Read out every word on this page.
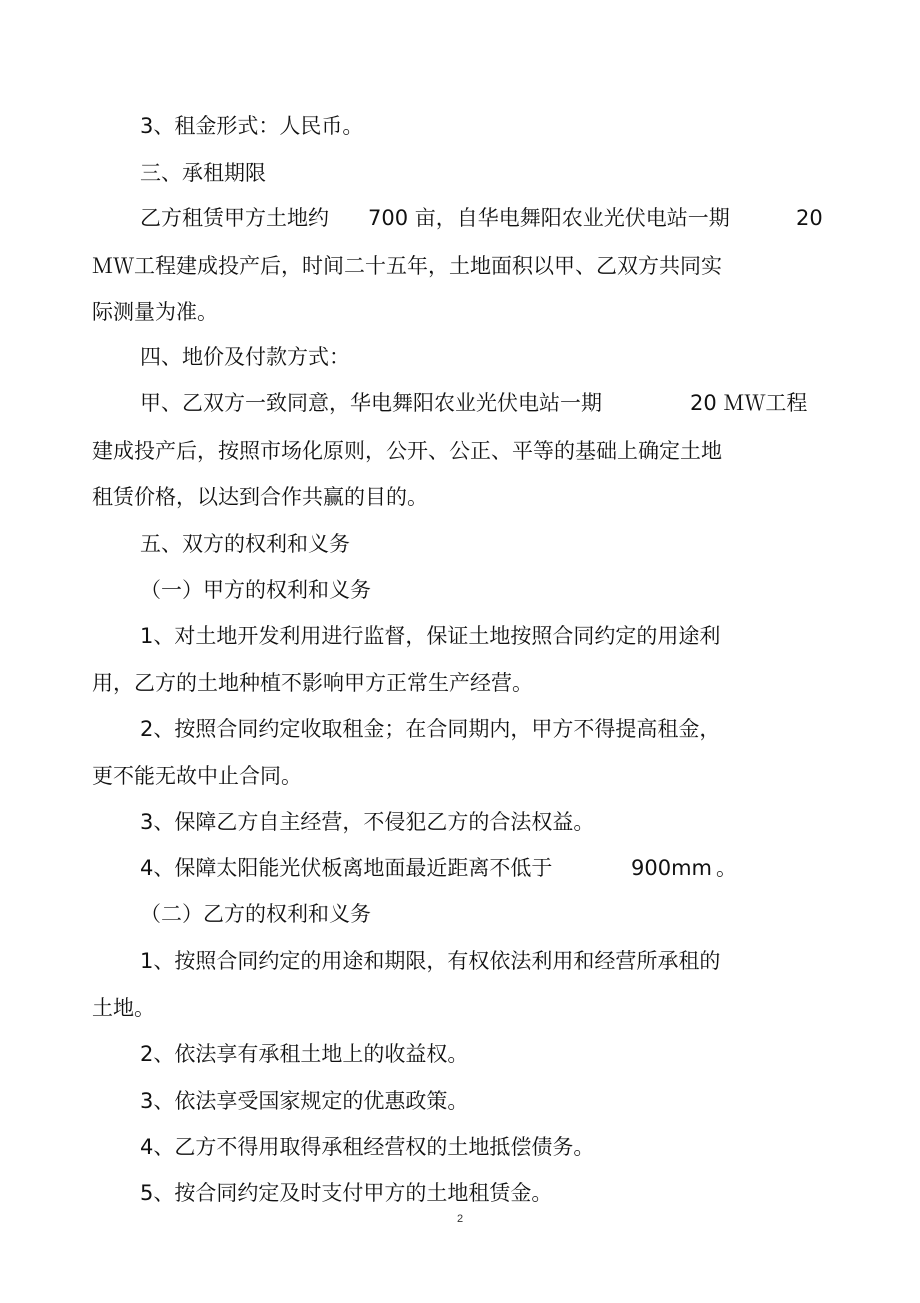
3、租金形式：人民币。

三、承租期限

乙方租赁甲方土地约

700 亩，自华电舞阳农业光伏电站一期

	20

ＭＷ工程建成投产后，时间二十五年，土地面积以甲、乙双方共同实

际测量为准。

四、地价及付款方式：

甲、乙双方一致同意，华电舞阳农业光伏电站一期

	20 ＭＷ工程

建成投产后，按照市场化原则，公开、公正、平等的基础上确定土地

租赁价格，以达到合作共赢的目的。

五、双方的权利和义务

（一）甲方的权利和义务

1、对土地开发利用进行监督，保证土地按照合同约定的用途利

用，乙方的土地种植不影响甲方正常生产经营。

2、按照合同约定收取租金；在合同期内，甲方不得提高租金，

更不能无故中止合同。

3、保障乙方自主经营，不侵犯乙方的合法权益。

4、保障太阳能光伏板离地面最近距离不低于

	900mm

。

（二）乙方的权利和义务

1、按照合同约定的用途和期限，有权依法利用和经营所承租的

土地。

2、依法享有承租土地上的收益权。

3、依法享受国家规定的优惠政策。

4、乙方不得用取得承租经营权的土地抵偿债务。

5、按合同约定及时支付甲方的土地租赁金。

2
